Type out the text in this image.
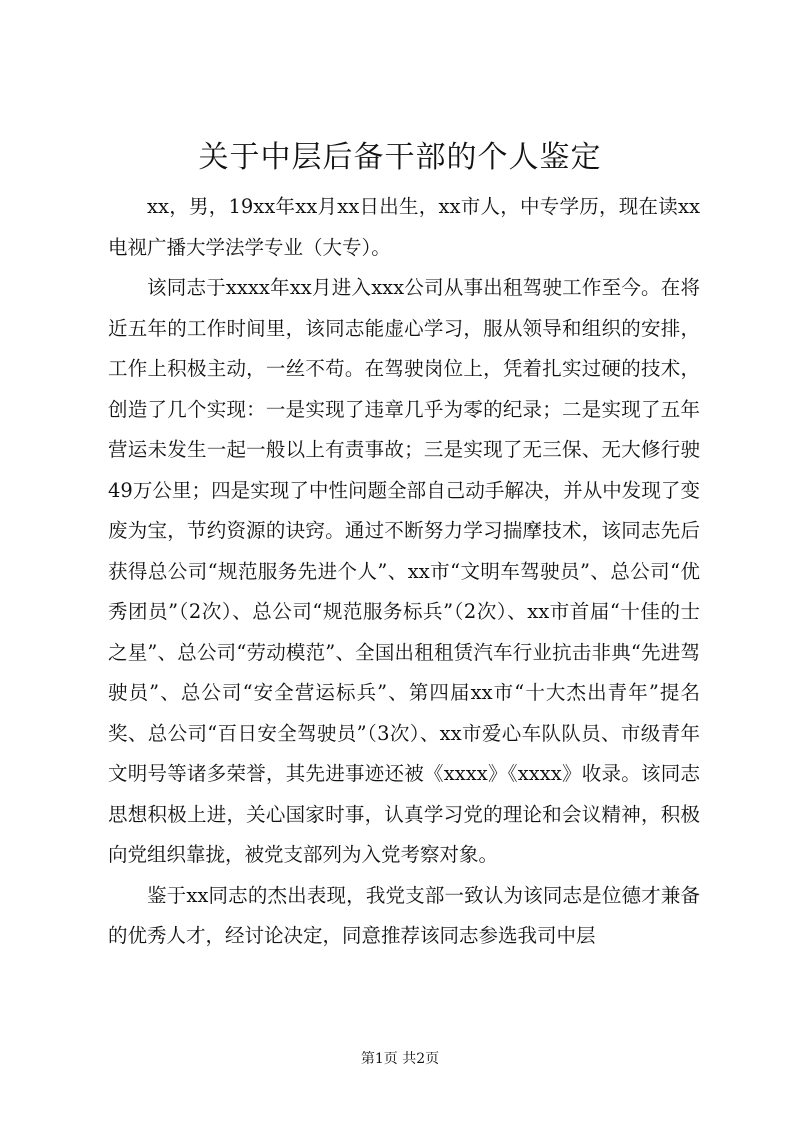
关于中层后备干部的个人鉴定

xx，男，19xx年xx月xx日出生，xx市人，中专学历，现在读xx电视广播大学法学专业（大专）。

该同志于xxxx年xx月进入xxx公司从事出租驾驶工作至今。在将近五年的工作时间里，该同志能虚心学习，服从领导和组织的安排，工作上积极主动，一丝不苟。在驾驶岗位上，凭着扎实过硬的技术，创造了几个实现：一是实现了违章几乎为零的纪录；二是实现了五年营运未发生一起一般以上有责事故；三是实现了无三保、无大修行驶49万公里；四是实现了中性问题全部自己动手解决，并从中发现了变废为宝，节约资源的诀窍。通过不断努力学习揣摩技术，该同志先后获得总公司“规范服务先进个人”、xx市“文明车驾驶员”、总公司“优秀团员”（2次）、总公司“规范服务标兵”（2次）、xx市首届“十佳的士之星”、总公司“劳动模范”、全国出租租赁汽车行业抗击非典“先进驾驶员”、总公司“安全营运标兵”、第四届xx市“十大杰出青年”提名奖、总公司“百日安全驾驶员”（3次）、xx市爱心车队队员、市级青年文明号等诸多荣誉，其先进事迹还被《xxxx》《xxxx》收录。该同志思想积极上进，关心国家时事，认真学习党的理论和会议精神，积极向党组织靠拢，被党支部列为入党考察对象。

鉴于xx同志的杰出表现，我党支部一致认为该同志是位德才兼备的优秀人才，经讨论决定，同意推荐该同志参选我司中层

第1页 共2页
